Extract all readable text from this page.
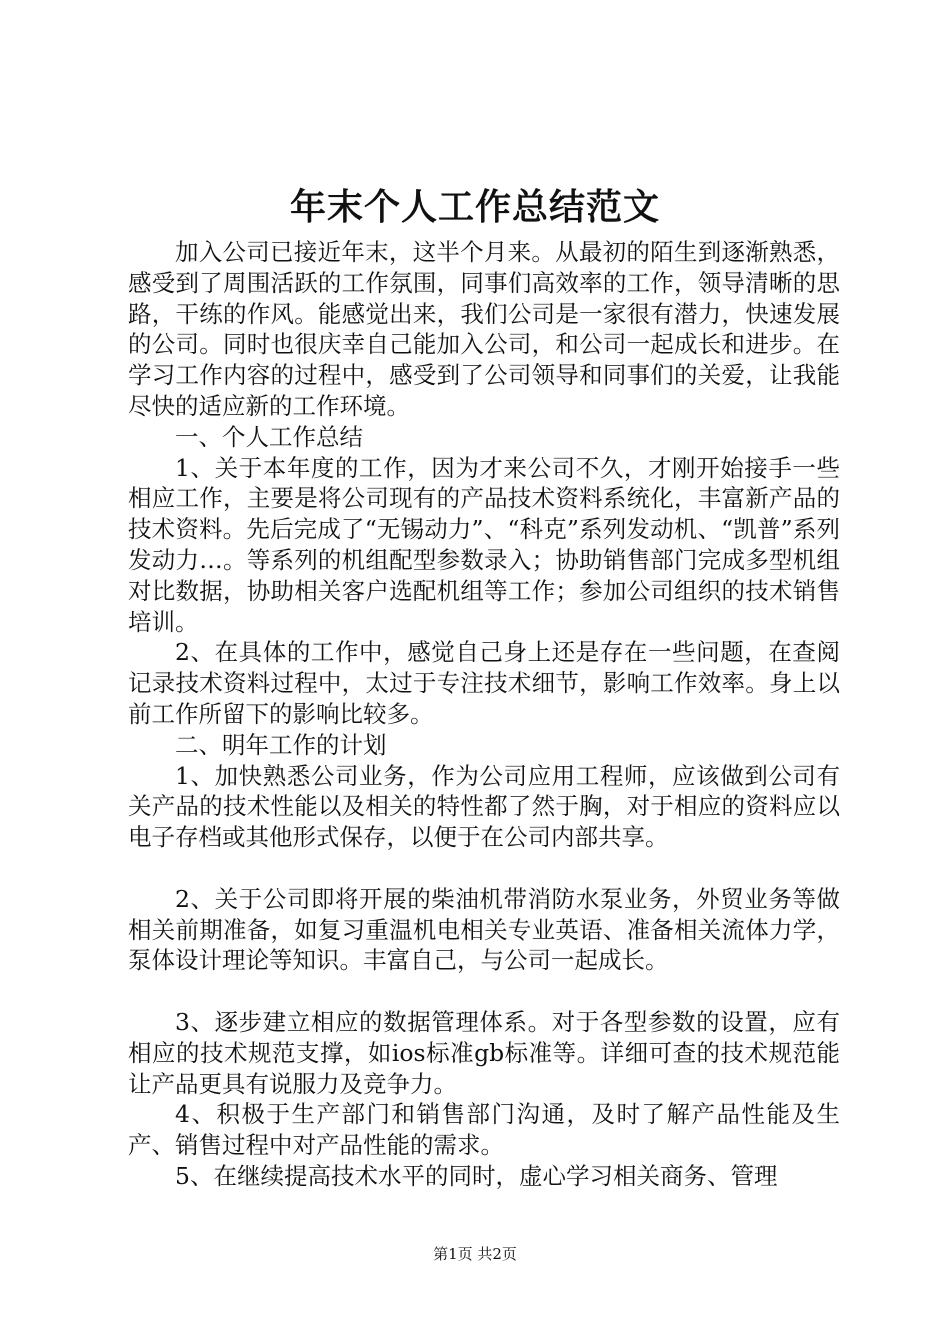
年末个人工作总结范文

加入公司已接近年末，这半个月来。从最初的陌生到逐渐熟悉，感受到了周围活跃的工作氛围，同事们高效率的工作，领导清晰的思路，干练的作风。能感觉出来，我们公司是一家很有潜力，快速发展的公司。同时也很庆幸自己能加入公司，和公司一起成长和进步。在学习工作内容的过程中，感受到了公司领导和同事们的关爱，让我能尽快的适应新的工作环境。

一、个人工作总结

1、关于本年度的工作，因为才来公司不久，才刚开始接手一些相应工作，主要是将公司现有的产品技术资料系统化，丰富新产品的技术资料。先后完成了“无锡动力”、“科克”系列发动机、“凯普”系列发动力…。等系列的机组配型参数录入；协助销售部门完成多型机组对比数据，协助相关客户选配机组等工作；参加公司组织的技术销售培训。

2、在具体的工作中，感觉自己身上还是存在一些问题，在查阅记录技术资料过程中，太过于专注技术细节，影响工作效率。身上以前工作所留下的影响比较多。

二、明年工作的计划

1、加快熟悉公司业务，作为公司应用工程师，应该做到公司有关产品的技术性能以及相关的特性都了然于胸，对于相应的资料应以电子存档或其他形式保存，以便于在公司内部共享。

2、关于公司即将开展的柴油机带消防水泵业务，外贸业务等做相关前期准备，如复习重温机电相关专业英语、准备相关流体力学，泵体设计理论等知识。丰富自己，与公司一起成长。

3、逐步建立相应的数据管理体系。对于各型参数的设置，应有相应的技术规范支撑，如ios标准gb标准等。详细可查的技术规范能让产品更具有说服力及竞争力。

4、积极于生产部门和销售部门沟通，及时了解产品性能及生产、销售过程中对产品性能的需求。

5、在继续提高技术水平的同时，虚心学习相关商务、管理

第1页 共2页
